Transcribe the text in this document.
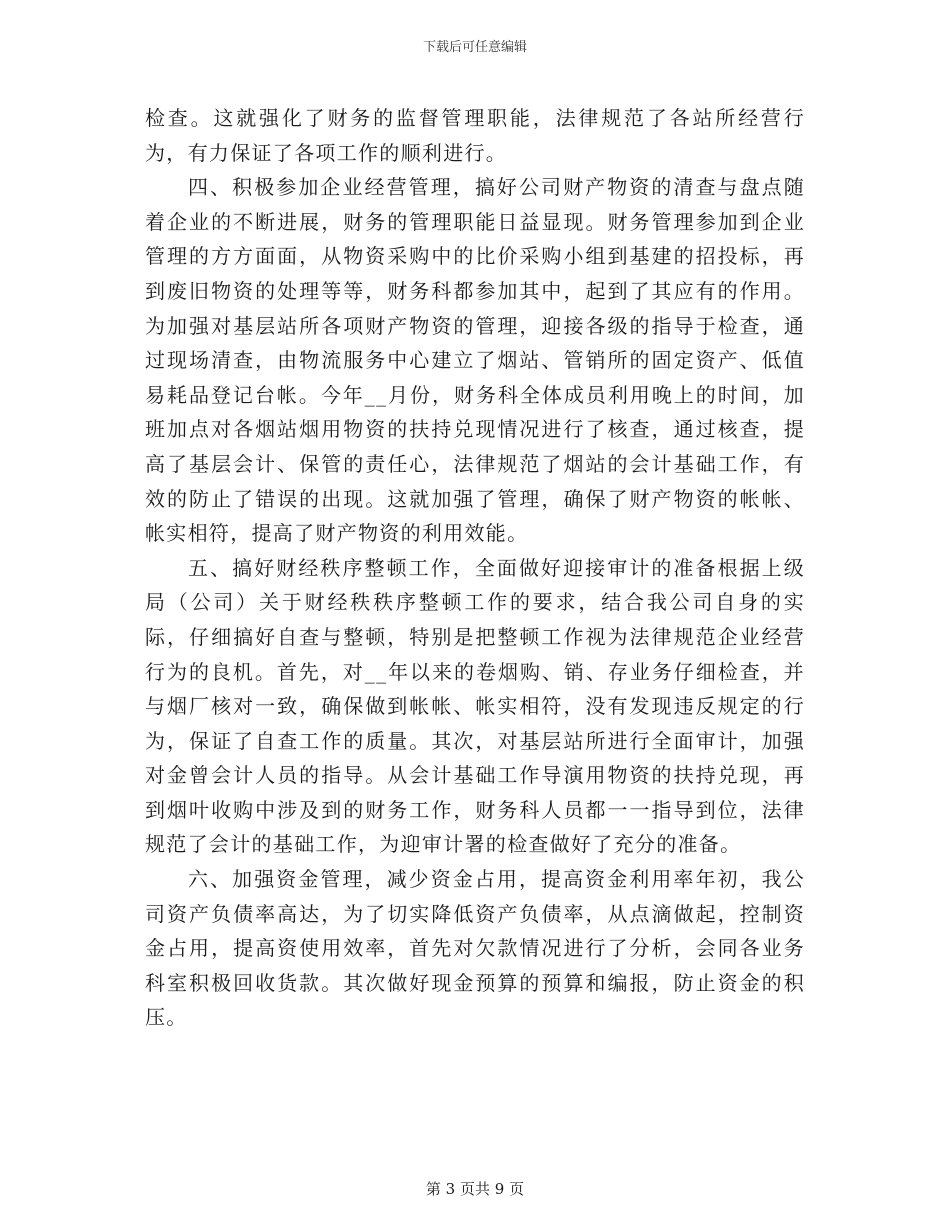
下载后可任意编辑

检查。这就强化了财务的监督管理职能，法律规范了各站所经营行为，有力保证了各项工作的顺利进行。

四、积极参加企业经营管理，搞好公司财产物资的清查与盘点随着企业的不断进展，财务的管理职能日益显现。财务管理参加到企业管理的方方面面，从物资采购中的比价采购小组到基建的招投标，再到废旧物资的处理等等，财务科都参加其中，起到了其应有的作用。为加强对基层站所各项财产物资的管理，迎接各级的指导于检查，通过现场清查，由物流服务中心建立了烟站、管销所的固定资产、低值易耗品登记台帐。今年__月份，财务科全体成员利用晚上的时间，加班加点对各烟站烟用物资的扶持兑现情况进行了核查，通过核查，提高了基层会计、保管的责任心，法律规范了烟站的会计基础工作，有效的防止了错误的出现。这就加强了管理，确保了财产物资的帐帐、帐实相符，提高了财产物资的利用效能。

五、搞好财经秩序整顿工作，全面做好迎接审计的准备根据上级局（公司）关于财经秩秩序整顿工作的要求，结合我公司自身的实际，仔细搞好自查与整顿，特别是把整顿工作视为法律规范企业经营行为的良机。首先，对__年以来的卷烟购、销、存业务仔细检查，并与烟厂核对一致，确保做到帐帐、帐实相符，没有发现违反规定的行为，保证了自查工作的质量。其次，对基层站所进行全面审计，加强对金曾会计人员的指导。从会计基础工作导演用物资的扶持兑现，再到烟叶收购中涉及到的财务工作，财务科人员都一一指导到位，法律规范了会计的基础工作，为迎审计署的检查做好了充分的准备。

六、加强资金管理，减少资金占用，提高资金利用率年初，我公司资产负债率高达，为了切实降低资产负债率，从点滴做起，控制资金占用，提高资使用效率，首先对欠款情况进行了分析，会同各业务科室积极回收货款。其次做好现金预算的预算和编报，防止资金的积压。

第 3 页共 9 页
